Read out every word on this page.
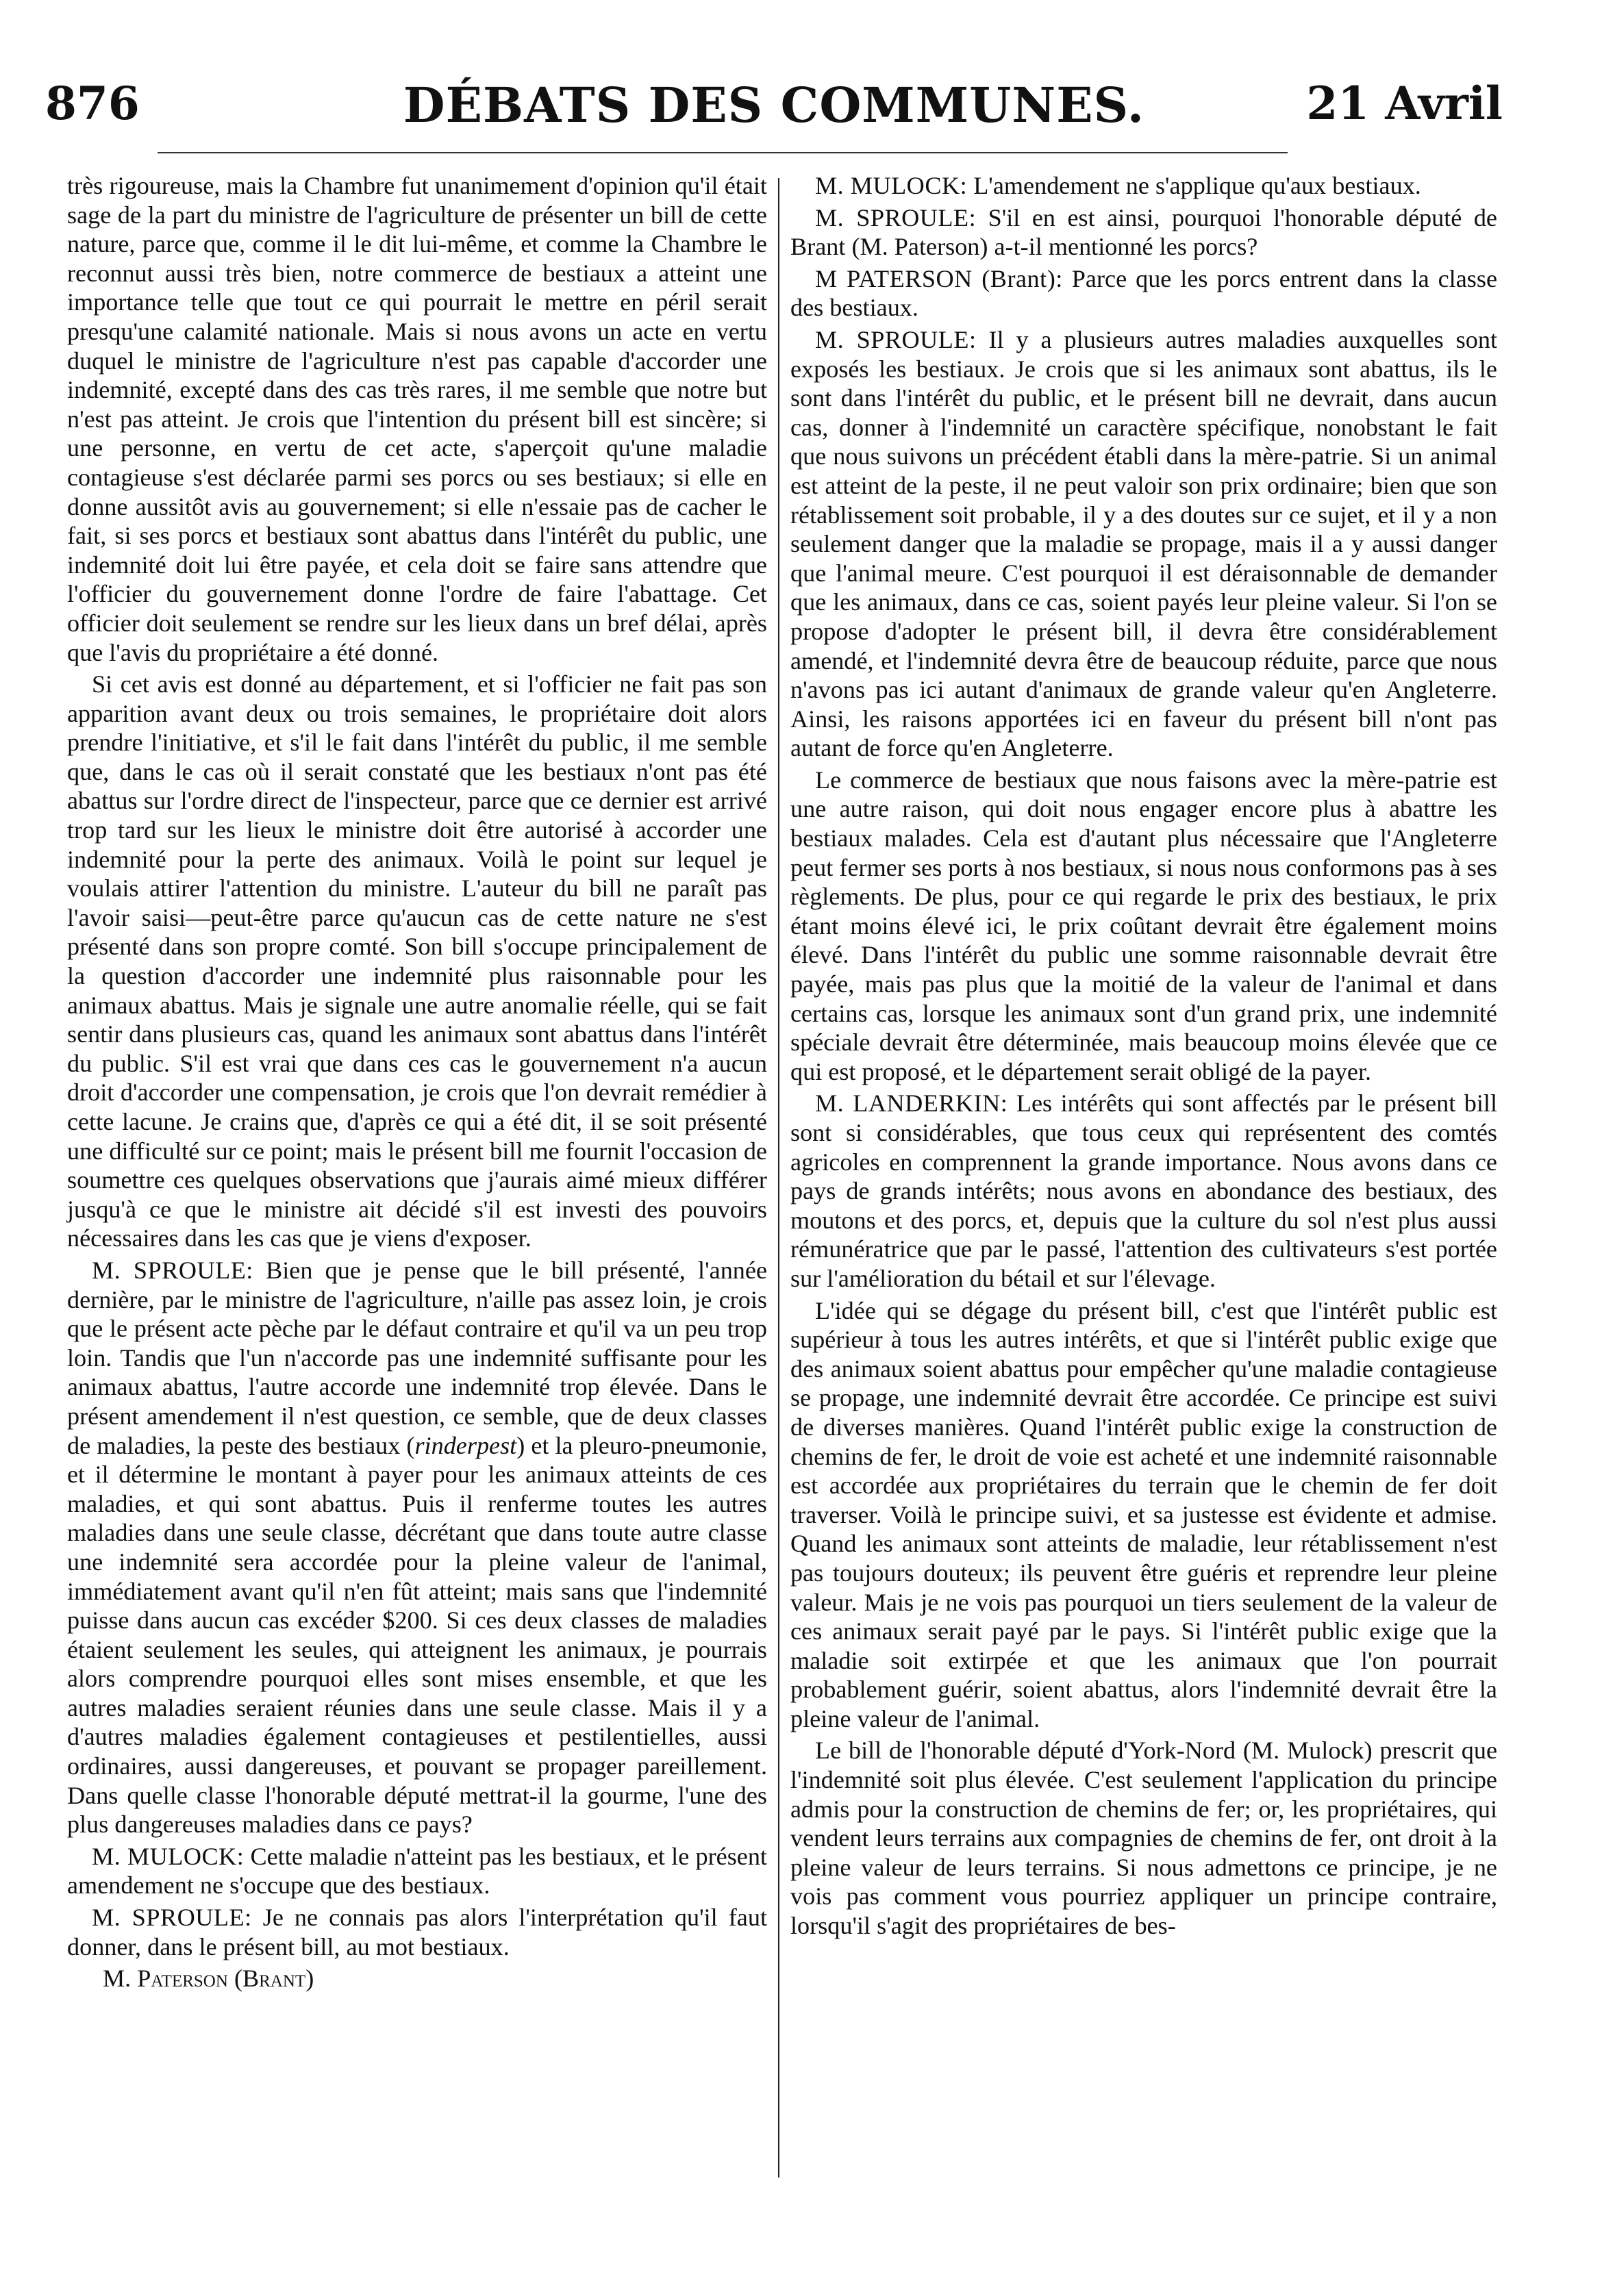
876	DÉBATS DES COMMUNES.	21 Avril

très rigoureuse, mais la Chambre fut unanimement d'opinion qu'il était sage de la part du ministre de l'agriculture de présenter un bill de cette nature, parce que, comme il le dit lui-même, et comme la Chambre le reconnut aussi très bien, notre commerce de bestiaux a atteint une importance telle que tout ce qui pourrait le mettre en péril serait presqu'une calamité nationale. Mais si nous avons un acte en vertu duquel le ministre de l'agriculture n'est pas capable d'accorder une indemnité, excepté dans des cas très rares, il me semble que notre but n'est pas atteint. Je crois que l'intention du présent bill est sincère; si une personne, en vertu de cet acte, s'aperçoit qu'une maladie contagieuse s'est déclarée parmi ses porcs ou ses bestiaux; si elle en donne aussitôt avis au gouvernement; si elle n'essaie pas de cacher le fait, si ses porcs et bestiaux sont abattus dans l'intérêt du public, une indemnité doit lui être payée, et cela doit se faire sans attendre que l'officier du gouvernement donne l'ordre de faire l'abattage. Cet officier doit seulement se rendre sur les lieux dans un bref délai, après que l'avis du propriétaire a été donné.

Si cet avis est donné au département, et si l'officier ne fait pas son apparition avant deux ou trois semaines, le propriétaire doit alors prendre l'initiative, et s'il le fait dans l'intérêt du public, il me semble que, dans le cas où il serait constaté que les bestiaux n'ont pas été abattus sur l'ordre direct de l'inspecteur, parce que ce dernier est arrivé trop tard sur les lieux le ministre doit être autorisé à accorder une indemnité pour la perte des animaux. Voilà le point sur lequel je voulais attirer l'attention du ministre. L'auteur du bill ne paraît pas l'avoir saisi—peut-être parce qu'aucun cas de cette nature ne s'est présenté dans son propre comté. Son bill s'occupe principalement de la question d'accorder une indemnité plus raisonnable pour les animaux abattus. Mais je signale une autre anomalie réelle, qui se fait sentir dans plusieurs cas, quand les animaux sont abattus dans l'intérêt du public. S'il est vrai que dans ces cas le gouvernement n'a aucun droit d'accorder une compensation, je crois que l'on devrait remédier à cette lacune. Je crains que, d'après ce qui a été dit, il se soit présenté une difficulté sur ce point; mais le présent bill me fournit l'occasion de soumettre ces quelques observations que j'aurais aimé mieux différer jusqu'à ce que le ministre ait décidé s'il est investi des pouvoirs nécessaires dans les cas que je viens d'exposer.

M. SPROULE: Bien que je pense que le bill présenté, l'année dernière, par le ministre de l'agriculture, n'aille pas assez loin, je crois que le présent acte pèche par le défaut contraire et qu'il va un peu trop loin. Tandis que l'un n'accorde pas une indemnité suffisante pour les animaux abattus, l'autre accorde une indemnité trop élevée. Dans le présent amendement il n'est question, ce semble, que de deux classes de maladies, la peste des bestiaux (rinderpest) et la pleuro-pneumonie, et il détermine le montant à payer pour les animaux atteints de ces maladies, et qui sont abattus. Puis il renferme toutes les autres maladies dans une seule classe, décrétant que dans toute autre classe une indemnité sera accordée pour la pleine valeur de l'animal, immédiatement avant qu'il n'en fût atteint; mais sans que l'indemnité puisse dans aucun cas excéder $200. Si ces deux classes de maladies étaient seulement les seules, qui atteignent les animaux, je pourrais alors comprendre pourquoi elles sont mises ensemble, et que les autres maladies seraient réunies dans une seule classe. Mais il y a d'autres maladies également contagieuses et pestilentielles, aussi ordinaires, aussi dangereuses, et pouvant se propager pareillement. Dans quelle classe l'honorable député mettrat-il la gourme, l'une des plus dangereuses maladies dans ce pays?

M. MULOCK: Cette maladie n'atteint pas les bestiaux, et le présent amendement ne s'occupe que des bestiaux.

M. SPROULE: Je ne connais pas alors l'interprétation qu'il faut donner, dans le présent bill, au mot bestiaux.

M. Paterson (Brant)

M. MULOCK: L'amendement ne s'applique qu'aux bestiaux.

M. SPROULE: S'il en est ainsi, pourquoi l'honorable député de Brant (M. Paterson) a-t-il mentionné les porcs?

M PATERSON (Brant): Parce que les porcs entrent dans la classe des bestiaux.

M. SPROULE: Il y a plusieurs autres maladies auxquelles sont exposés les bestiaux. Je crois que si les animaux sont abattus, ils le sont dans l'intérêt du public, et le présent bill ne devrait, dans aucun cas, donner à l'indemnité un caractère spécifique, nonobstant le fait que nous suivons un précédent établi dans la mère-patrie. Si un animal est atteint de la peste, il ne peut valoir son prix ordinaire; bien que son rétablissement soit probable, il y a des doutes sur ce sujet, et il y a non seulement danger que la maladie se propage, mais il a y aussi danger que l'animal meure. C'est pourquoi il est déraisonnable de demander que les animaux, dans ce cas, soient payés leur pleine valeur. Si l'on se propose d'adopter le présent bill, il devra être considérablement amendé, et l'indemnité devra être de beaucoup réduite, parce que nous n'avons pas ici autant d'animaux de grande valeur qu'en Angleterre. Ainsi, les raisons apportées ici en faveur du présent bill n'ont pas autant de force qu'en Angleterre.

Le commerce de bestiaux que nous faisons avec la mère-patrie est une autre raison, qui doit nous engager encore plus à abattre les bestiaux malades. Cela est d'autant plus nécessaire que l'Angleterre peut fermer ses ports à nos bestiaux, si nous nous conformons pas à ses règlements. De plus, pour ce qui regarde le prix des bestiaux, le prix étant moins élevé ici, le prix coûtant devrait être également moins élevé. Dans l'intérêt du public une somme raisonnable devrait être payée, mais pas plus que la moitié de la valeur de l'animal et dans certains cas, lorsque les animaux sont d'un grand prix, une indemnité spéciale devrait être déterminée, mais beaucoup moins élevée que ce qui est proposé, et le département serait obligé de la payer.

M. LANDERKIN: Les intérêts qui sont affectés par le présent bill sont si considérables, que tous ceux qui représentent des comtés agricoles en comprennent la grande importance. Nous avons dans ce pays de grands intérêts; nous avons en abondance des bestiaux, des moutons et des porcs, et, depuis que la culture du sol n'est plus aussi rémunératrice que par le passé, l'attention des cultivateurs s'est portée sur l'amélioration du bétail et sur l'élevage.

L'idée qui se dégage du présent bill, c'est que l'intérêt public est supérieur à tous les autres intérêts, et que si l'intérêt public exige que des animaux soient abattus pour empêcher qu'une maladie contagieuse se propage, une indemnité devrait être accordée. Ce principe est suivi de diverses manières. Quand l'intérêt public exige la construction de chemins de fer, le droit de voie est acheté et une indemnité raisonnable est accordée aux propriétaires du terrain que le chemin de fer doit traverser. Voilà le principe suivi, et sa justesse est évidente et admise. Quand les animaux sont atteints de maladie, leur rétablissement n'est pas toujours douteux; ils peuvent être guéris et reprendre leur pleine valeur. Mais je ne vois pas pourquoi un tiers seulement de la valeur de ces animaux serait payé par le pays. Si l'intérêt public exige que la maladie soit extirpée et que les animaux que l'on pourrait probablement guérir, soient abattus, alors l'indemnité devrait être la pleine valeur de l'animal.

Le bill de l'honorable député d'York-Nord (M. Mulock) prescrit que l'indemnité soit plus élevée. C'est seulement l'application du principe admis pour la construction de chemins de fer; or, les propriétaires, qui vendent leurs terrains aux compagnies de chemins de fer, ont droit à la pleine valeur de leurs terrains. Si nous admettons ce principe, je ne vois pas comment vous pourriez appliquer un principe contraire, lorsqu'il s'agit des propriétaires de bes-
